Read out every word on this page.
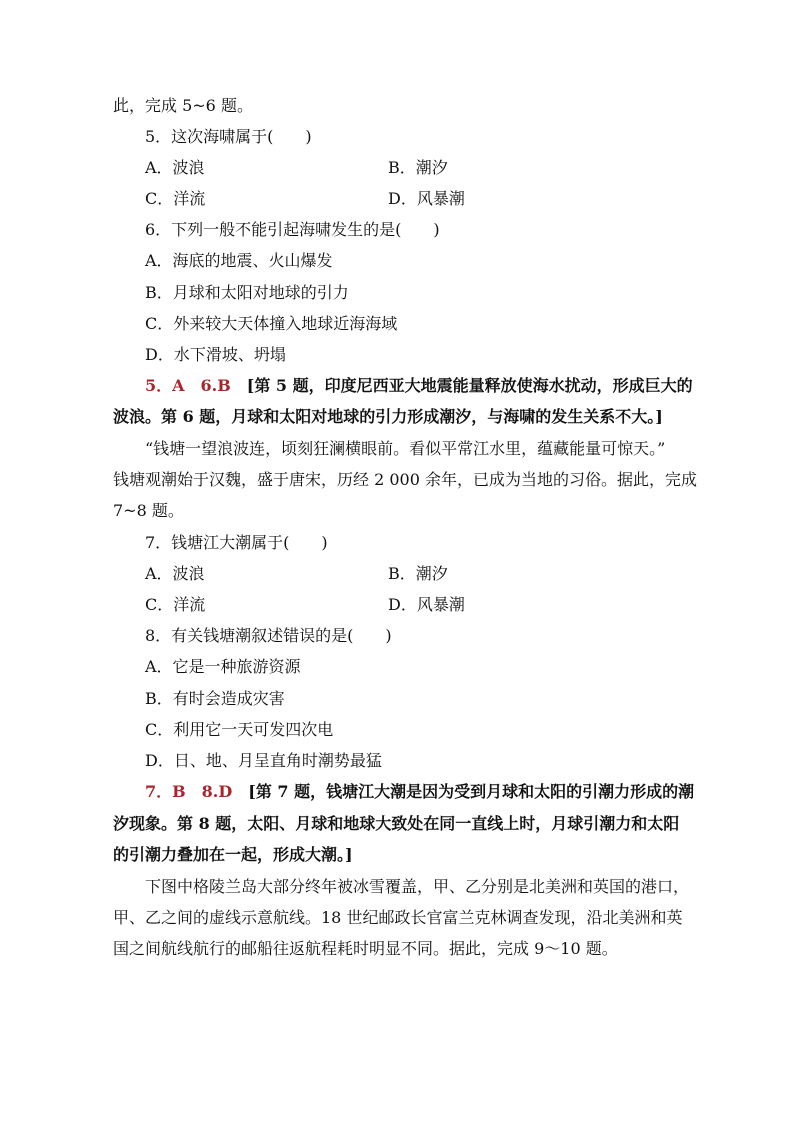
此，完成 5~6 题。
5．这次海啸属于(　　)
A．波浪	B．潮汐
C．洋流	D．风暴潮
6．下列一般不能引起海啸发生的是(　　)
A．海底的地震、火山爆发
B．月球和太阳对地球的引力
C．外来较大天体撞入地球近海海域
D．水下滑坡、坍塌
5．A　6.B　[第 5 题，印度尼西亚大地震能量释放使海水扰动，形成巨大的
波浪。第 6 题，月球和太阳对地球的引力形成潮汐，与海啸的发生关系不大。]
“钱塘一望浪波连，顷刻狂澜横眼前。看似平常江水里，蕴藏能量可惊天。”
钱塘观潮始于汉魏，盛于唐宋，历经 2 000 余年，已成为当地的习俗。据此，完成
7~8 题。
7．钱塘江大潮属于(　　)
A．波浪	B．潮汐
C．洋流	D．风暴潮
8．有关钱塘潮叙述错误的是(　　)
A．它是一种旅游资源
B．有时会造成灾害
C．利用它一天可发四次电
D．日、地、月呈直角时潮势最猛
7．B　8.D　[第 7 题，钱塘江大潮是因为受到月球和太阳的引潮力形成的潮
汐现象。第 8 题，太阳、月球和地球大致处在同一直线上时，月球引潮力和太阳
的引潮力叠加在一起，形成大潮。]
下图中格陵兰岛大部分终年被冰雪覆盖，甲、乙分别是北美洲和英国的港口，
甲、乙之间的虚线示意航线。18 世纪邮政长官富兰克林调查发现，沿北美洲和英
国之间航线航行的邮船往返航程耗时明显不同。据此，完成 9～10 题。
